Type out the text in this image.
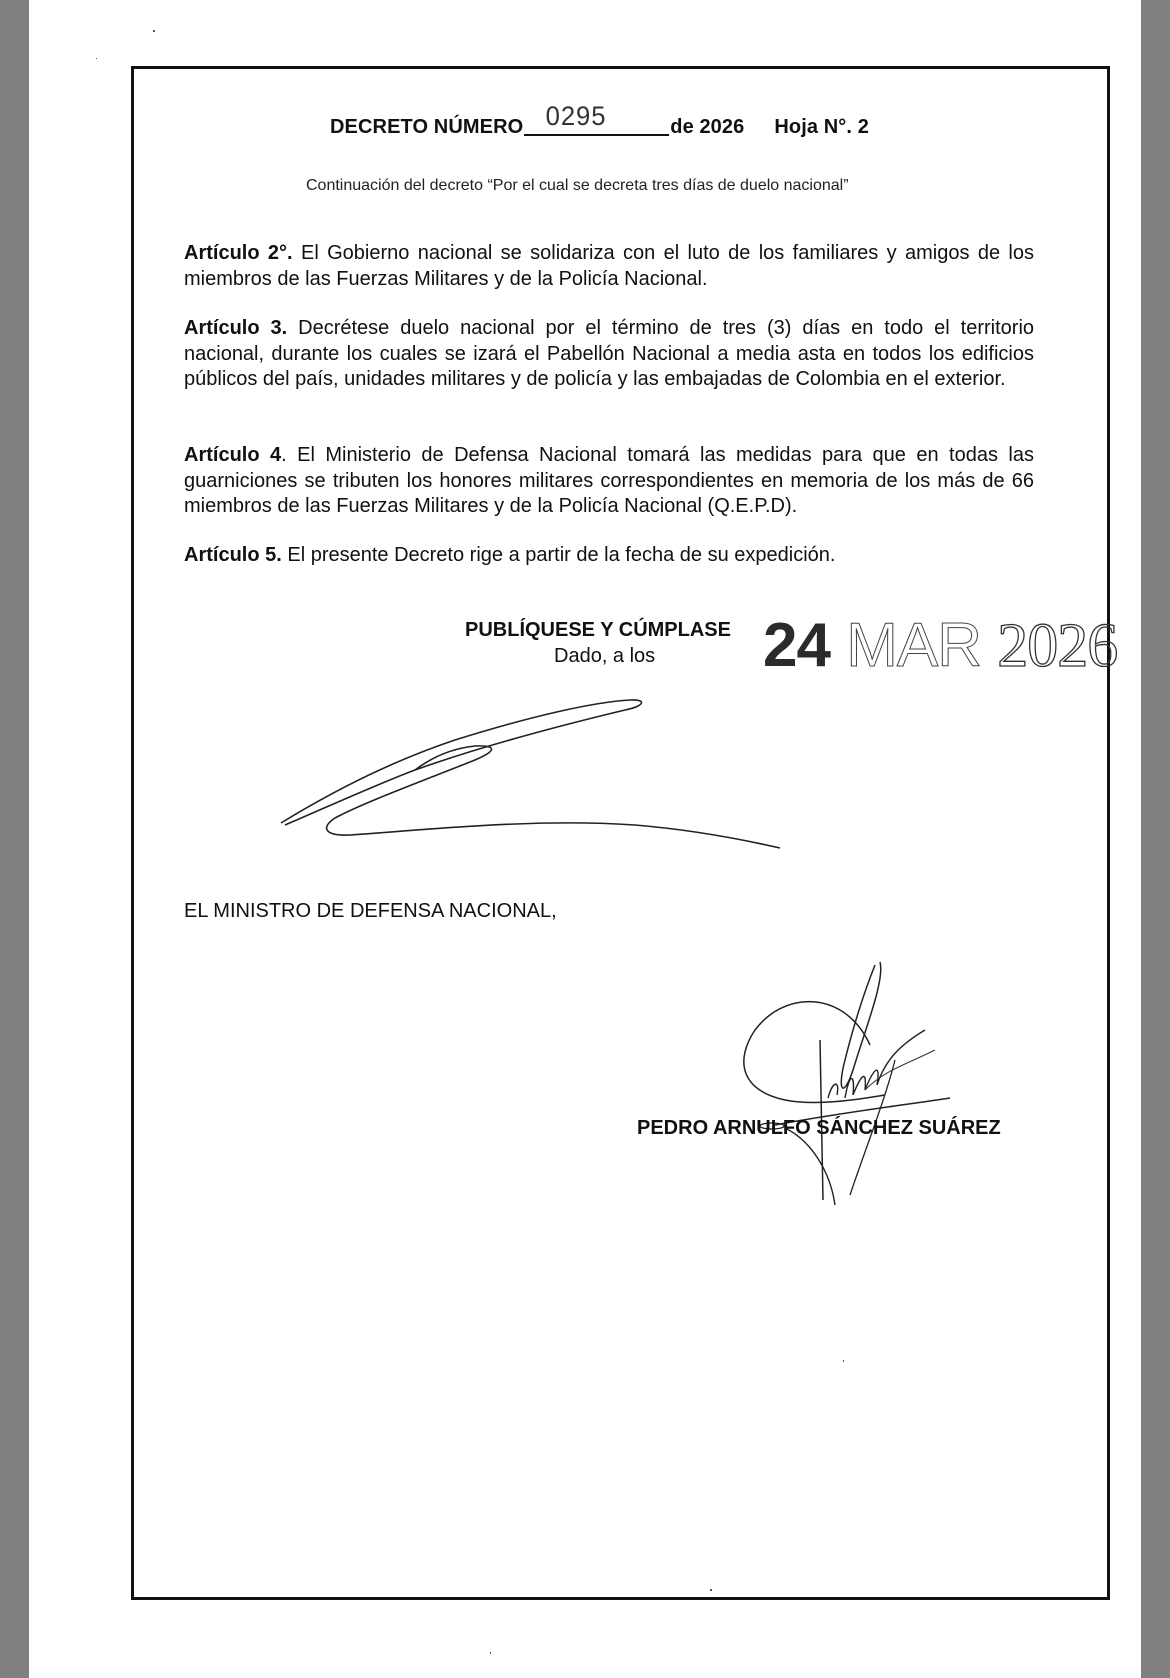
DECRETO NÚMERO 0295	de 2026 Hoja N°. 2
Continuación del decreto “Por el cual se decreta tres días de duelo nacional”

Artículo 2°. El Gobierno nacional se solidariza con el luto de los familiares y amigos de los miembros de las Fuerzas Militares y de la Policía Nacional.

Artículo 3. Decrétese duelo nacional por el término de tres (3) días en todo el territorio nacional, durante los cuales se izará el Pabellón Nacional a media asta en todos los edificios públicos del país, unidades militares y de policía y las embajadas de Colombia en el exterior.

Artículo 4. El Ministerio de Defensa Nacional tomará las medidas para que en todas las guarniciones se tributen los honores militares correspondientes en memoria de los más de 66 miembros de las Fuerzas Militares y de la Policía Nacional (Q.E.P.D).

Artículo 5. El presente Decreto rige a partir de la fecha de su expedición.

PUBLÍQUESE Y CÚMPLASE
Dado, a los 24 MAR 2026
EL MINISTRO DE DEFENSA NACIONAL,
PEDRO ARNULFO SÁNCHEZ SUÁREZ
